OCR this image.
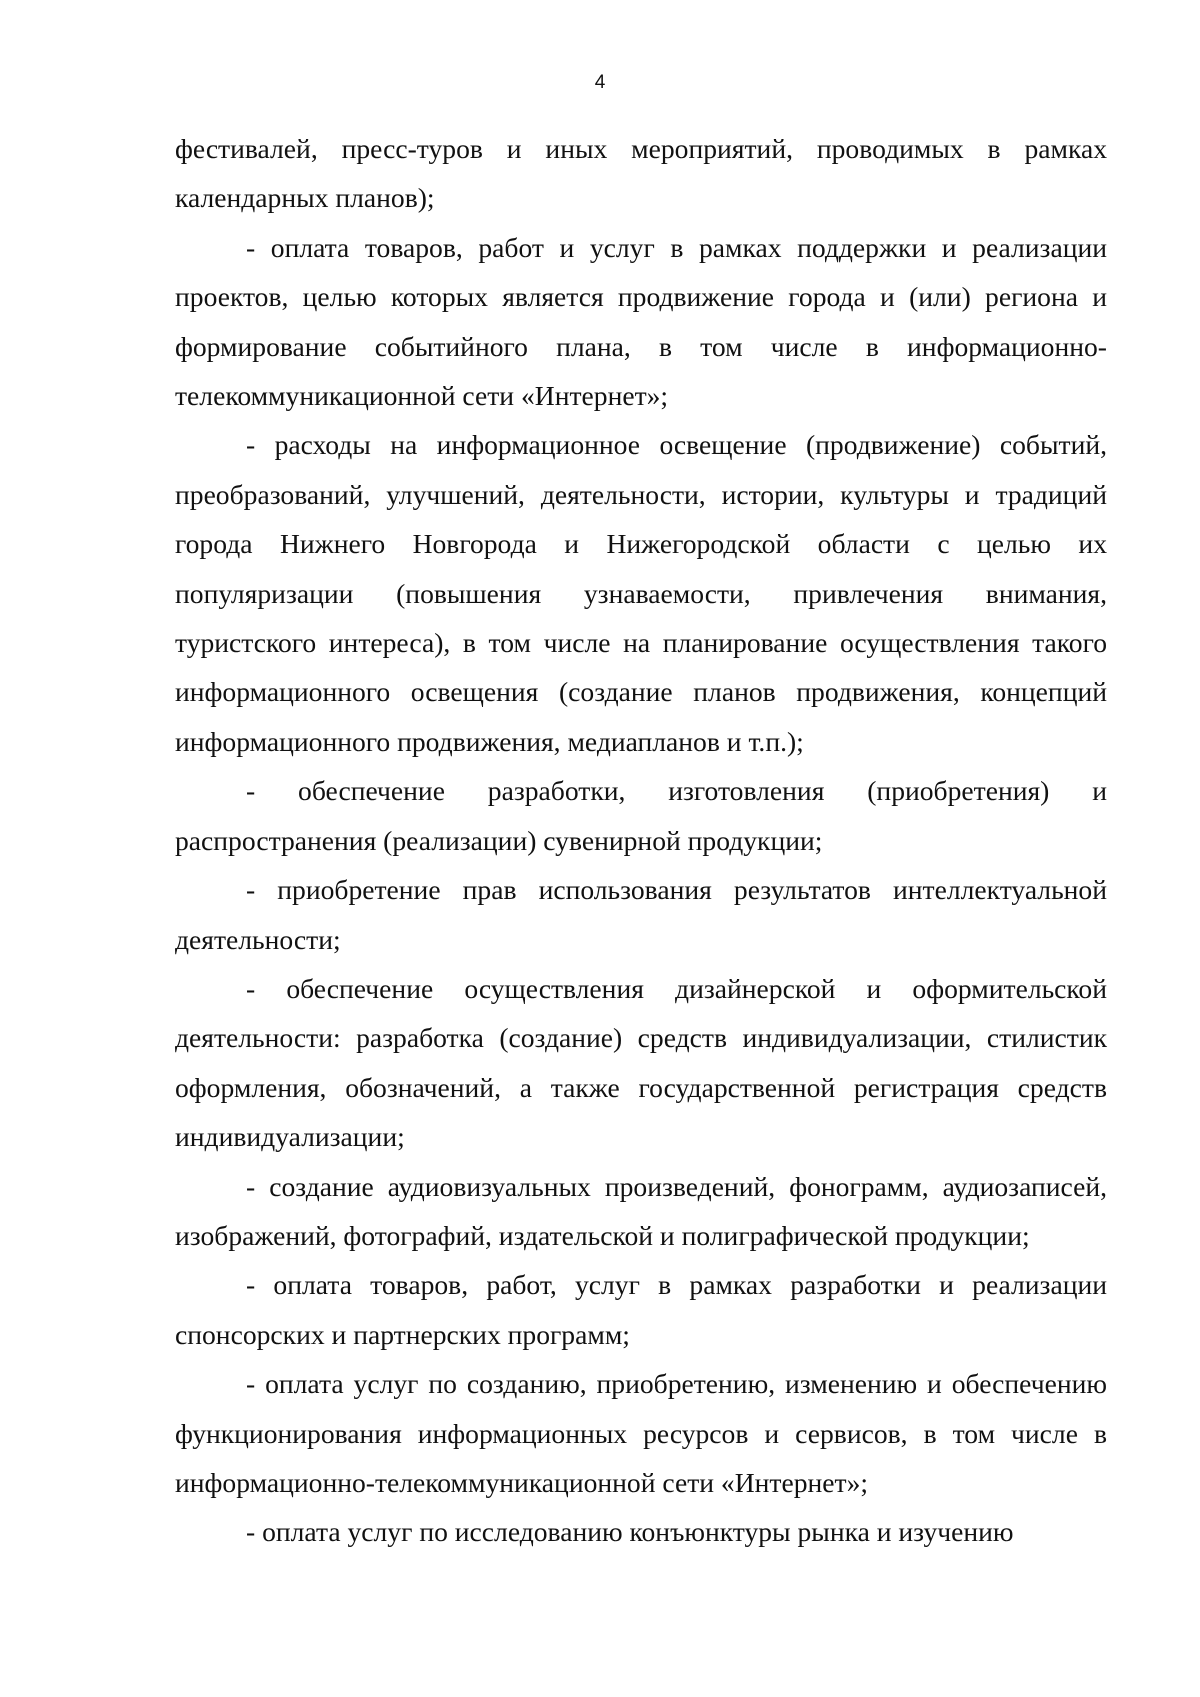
4

фестивалей, пресс-туров и иных мероприятий, проводимых в рамках календарных планов);

- оплата товаров, работ и услуг в рамках поддержки и реализации проектов, целью которых является продвижение города и (или) региона и формирование событийного плана, в том числе в информационно-телекоммуникационной сети «Интернет»;

- расходы на информационное освещение (продвижение) событий, преобразований, улучшений, деятельности, истории, культуры и традиций города Нижнего Новгорода и Нижегородской области с целью их популяризации (повышения узнаваемости, привлечения внимания, туристского интереса), в том числе на планирование осуществления такого информационного освещения (создание планов продвижения, концепций информационного продвижения, медиапланов и т.п.);

- обеспечение разработки, изготовления (приобретения) и распространения (реализации) сувенирной продукции;

- приобретение прав использования результатов интеллектуальной деятельности;

- обеспечение осуществления дизайнерской и оформительской деятельности: разработка (создание) средств индивидуализации, стилистик оформления, обозначений, а также государственной регистрация средств индивидуализации;

- создание аудиовизуальных произведений, фонограмм, аудиозаписей, изображений, фотографий, издательской и полиграфической продукции;

- оплата товаров, работ, услуг в рамках разработки и реализации спонсорских и партнерских программ;

- оплата услуг по созданию, приобретению, изменению и обеспечению функционирования информационных ресурсов и сервисов, в том числе в информационно-телекоммуникационной сети «Интернет»;

- оплата услуг по исследованию конъюнктуры рынка и изучению
